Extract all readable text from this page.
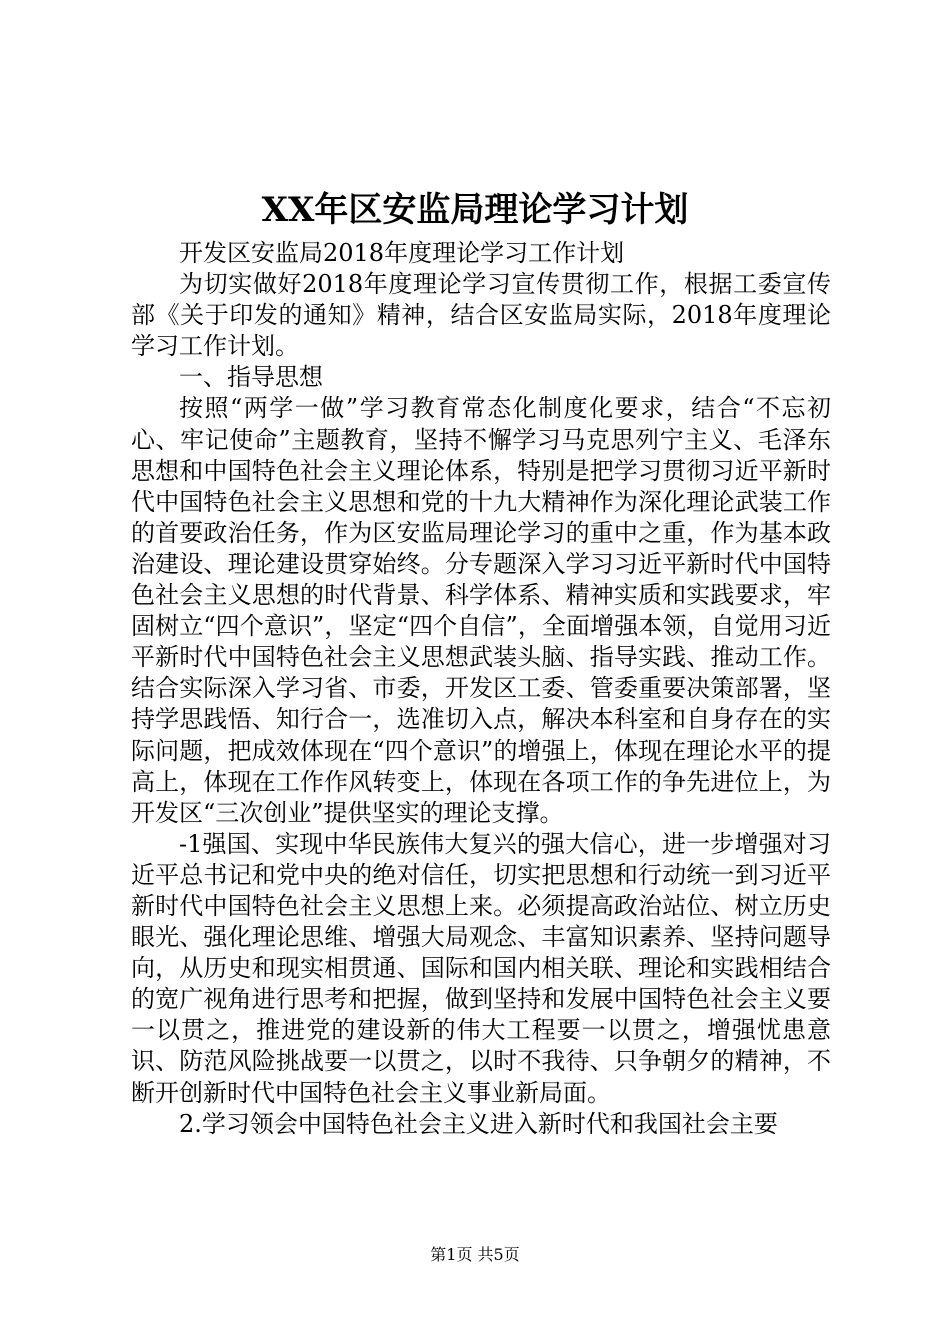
XX年区安监局理论学习计划

开发区安监局2018年度理论学习工作计划

为切实做好2018年度理论学习宣传贯彻工作，根据工委宣传部《关于印发的通知》精神，结合区安监局实际，2018年度理论学习工作计划。

一、指导思想

按照“两学一做”学习教育常态化制度化要求，结合“不忘初心、牢记使命”主题教育，坚持不懈学习马克思列宁主义、毛泽东思想和中国特色社会主义理论体系，特别是把学习贯彻习近平新时代中国特色社会主义思想和党的十九大精神作为深化理论武装工作的首要政治任务，作为区安监局理论学习的重中之重，作为基本政治建设、理论建设贯穿始终。分专题深入学习习近平新时代中国特色社会主义思想的时代背景、科学体系、精神实质和实践要求，牢固树立“四个意识”，坚定“四个自信”，全面增强本领，自觉用习近平新时代中国特色社会主义思想武装头脑、指导实践、推动工作。结合实际深入学习省、市委，开发区工委、管委重要决策部署，坚持学思践悟、知行合一，选准切入点，解决本科室和自身存在的实际问题，把成效体现在“四个意识”的增强上，体现在理论水平的提高上，体现在工作作风转变上，体现在各项工作的争先进位上，为开发区“三次创业”提供坚实的理论支撑。

-1强国、实现中华民族伟大复兴的强大信心，进一步增强对习近平总书记和党中央的绝对信任，切实把思想和行动统一到习近平新时代中国特色社会主义思想上来。必须提高政治站位、树立历史眼光、强化理论思维、增强大局观念、丰富知识素养、坚持问题导向，从历史和现实相贯通、国际和国内相关联、理论和实践相结合的宽广视角进行思考和把握，做到坚持和发展中国特色社会主义要一以贯之，推进党的建设新的伟大工程要一以贯之，增强忧患意识、防范风险挑战要一以贯之，以时不我待、只争朝夕的精神，不断开创新时代中国特色社会主义事业新局面。

2.学习领会中国特色社会主义进入新时代和我国社会主要

第1页 共5页
